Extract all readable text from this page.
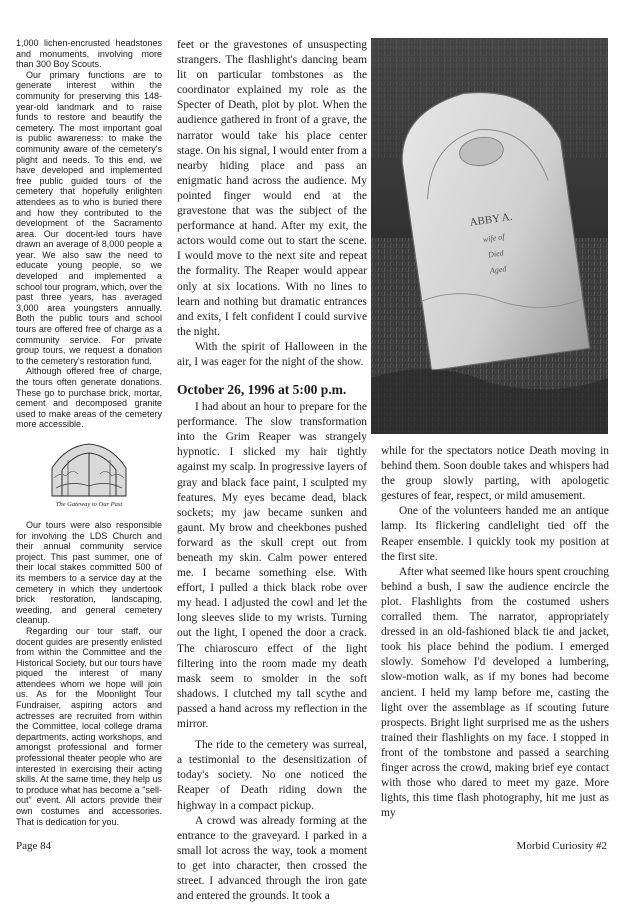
1,000 lichen-encrusted headstones and monuments, involving more than 300 Boy Scouts.

Our primary functions are to generate interest within the community for preserving this 148-year-old landmark and to raise funds to restore and beautify the cemetery. The most important goal is public awareness: to make the community aware of the cemetery's plight and needs. To this end, we have developed and implemented free public guided tours of the cemetery that hopefully enlighten attendees as to who is buried there and how they contributed to the development of the Sacramento area. Our docent-led tours have drawn an average of 8,000 people a year. We also saw the need to educate young people, so we developed and implemented a school tour program, which, over the past three years, has averaged 3,000 area youngsters annually. Both the public tours and school tours are offered free of charge as a community service. For private group tours, we request a donation to the cemetery's restoration fund.

Although offered free of charge, the tours often generate donations. These go to purchase brick, mortar, cement and decomposed granite used to make areas of the cemetery more accessible.

The Gateway to Our Past

Our tours were also responsible for involving the LDS Church and their annual community service project. This past summer, one of their local stakes committed 500 of its members to a service day at the cemetery in which they undertook brick restoration, landscaping, weeding, and general cemetery cleanup.

Regarding our tour staff, our docent guides are presently enlisted from within the Committee and the Historical Society, but our tours have piqued the interest of many attendees whom we hope will join us. As for the Moonlight Tour Fundraiser, aspiring actors and actresses are recruited from within the Committee, local college drama departments, acting workshops, and amongst professional and former professional theater people who are interested in exercising their acting skills. At the same time, they help us to produce what has become a "sell-out" event. All actors provide their own costumes and accessories. That is dedication for you.

feet or the gravestones of unsuspecting strangers. The flashlight's dancing beam lit on particular tombstones as the coordinator explained my role as the Specter of Death, plot by plot. When the audience gathered in front of a grave, the narrator would take his place center stage. On his signal, I would enter from a nearby hiding place and pass an enigmatic hand across the audience. My pointed finger would end at the gravestone that was the subject of the performance at hand. After my exit, the actors would come out to start the scene. I would move to the next site and repeat the formality. The Reaper would appear only at six locations. With no lines to learn and nothing but dramatic entrances and exits, I felt confident I could survive the night.

With the spirit of Halloween in the air, I was eager for the night of the show.

October 26, 1996 at 5:00 p.m.

I had about an hour to prepare for the performance. The slow transformation into the Grim Reaper was strangely hypnotic. I slicked my hair tightly against my scalp. In progressive layers of gray and black face paint, I sculpted my features. My eyes became dead, black sockets; my jaw became sunken and gaunt. My brow and cheekbones pushed forward as the skull crept out from beneath my skin. Calm power entered me. I became something else. With effort, I pulled a thick black robe over my head. I adjusted the cowl and let the long sleeves slide to my wrists. Turning out the light, I opened the door a crack. The chiaroscuro effect of the light filtering into the room made my death mask seem to smolder in the soft shadows. I clutched my tall scythe and passed a hand across my reflection in the mirror.

The ride to the cemetery was surreal, a testimonial to the desensitization of today's society. No one noticed the Reaper of Death riding down the highway in a compact pickup.

A crowd was already forming at the entrance to the graveyard. I parked in a small lot across the way, took a moment to get into character, then crossed the street. I advanced through the iron gate and entered the grounds. It took a

ABBY A.
wife of
Died
Aged

while for the spectators notice Death moving in behind them. Soon double takes and whispers had the group slowly parting, with apologetic gestures of fear, respect, or mild amusement.

One of the volunteers handed me an antique lamp. Its flickering candlelight tied off the Reaper ensemble. I quickly took my position at the first site.

After what seemed like hours spent crouching behind a bush, I saw the audience encircle the plot. Flashlights from the costumed ushers corralled them. The narrator, appropriately dressed in an old-fashioned black tie and jacket, took his place behind the podium. I emerged slowly. Somehow I'd developed a lumbering, slow-motion walk, as if my bones had become ancient. I held my lamp before me, casting the light over the assemblage as if scouting future prospects. Bright light surprised me as the ushers trained their flashlights on my face. I stopped in front of the tombstone and passed a searching finger across the crowd, making brief eye contact with those who dared to meet my gaze. More lights, this time flash photography, hit me just as my

Page 84	Morbid Curiosity #2
